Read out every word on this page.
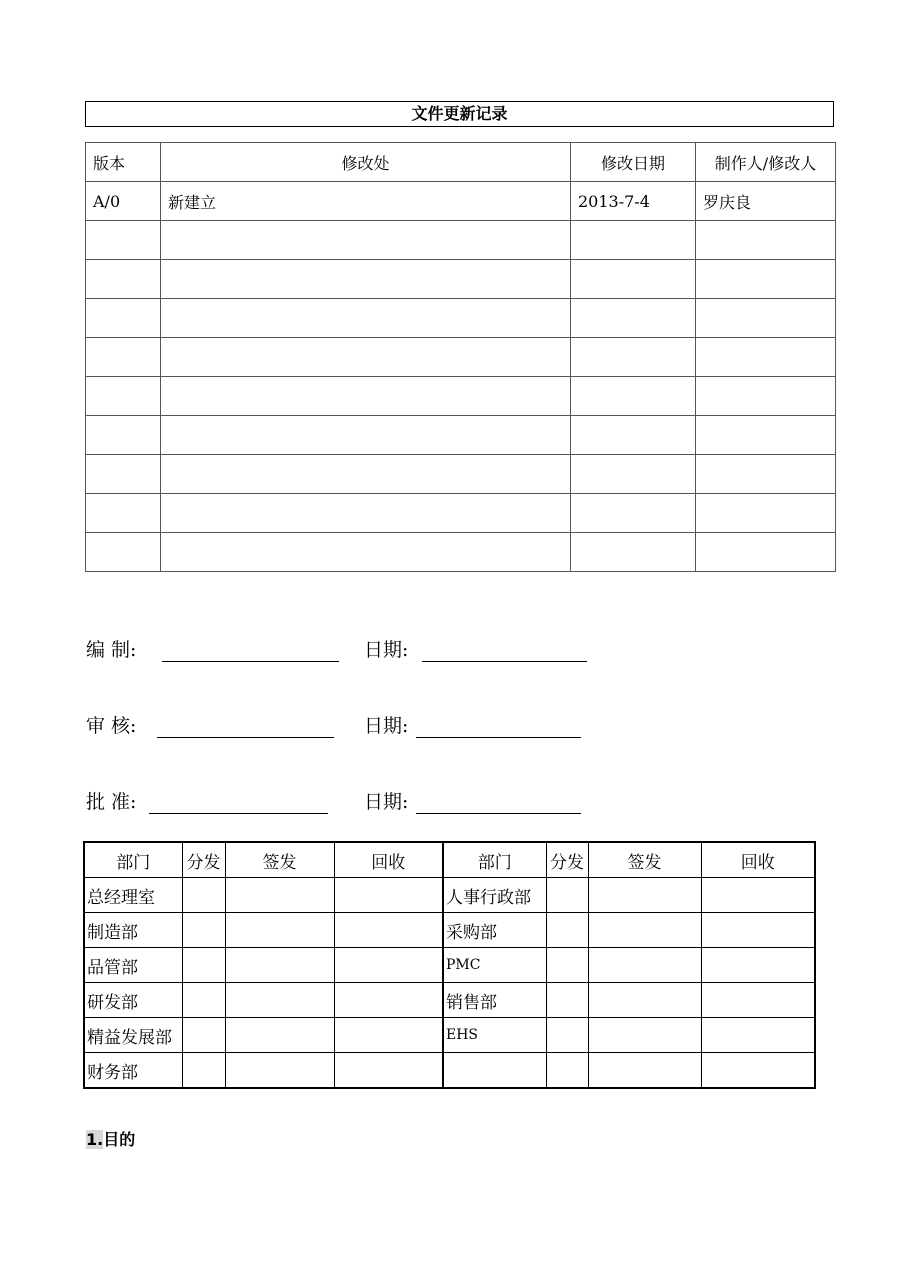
文件更新记录
版本	修改处	修改日期	制作人/修改人
A/0	新建立	2013-7-4	罗庆良

编 制:	日期:
审 核:	日期:
批 准:	日期:
部门	分发	签发	回收	部门	分发	签发	回收
总经理室				人事行政部			
制造部				采购部			
品管部				PMC			
研发部				销售部			
精益发展部				EHS			
财务部							
1.目的
